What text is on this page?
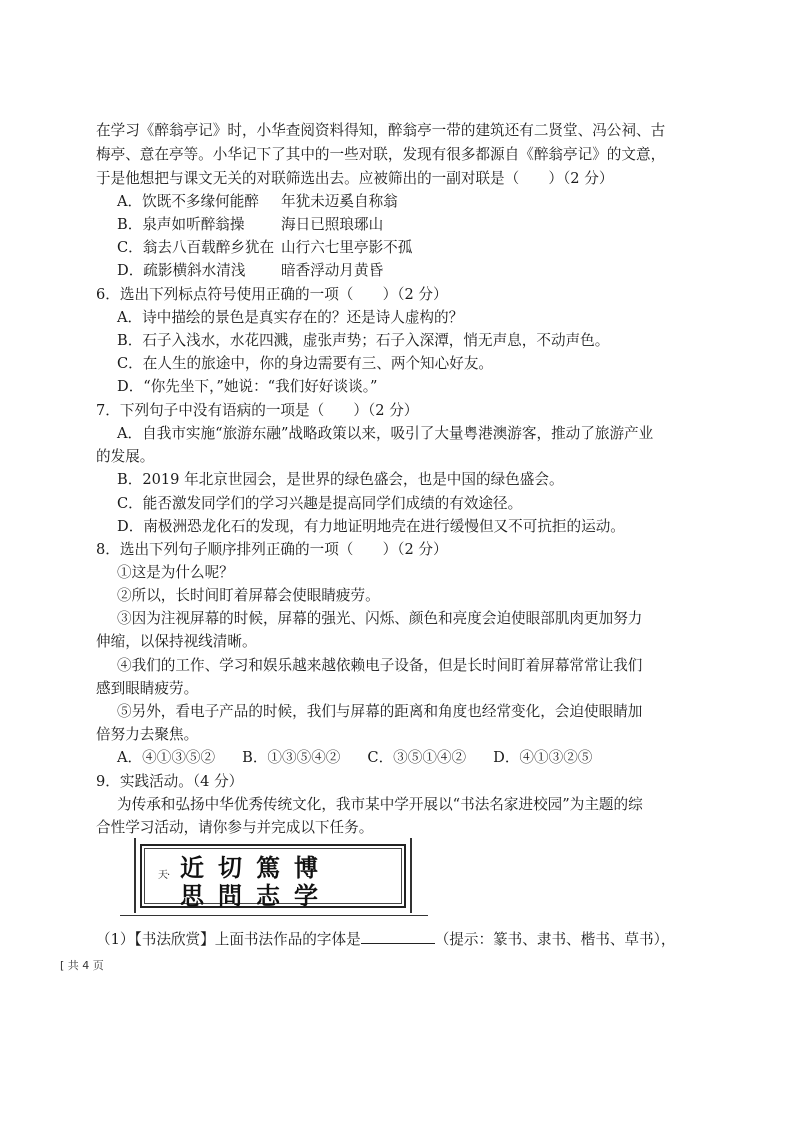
在学习《醉翁亭记》时，小华查阅资料得知，醉翁亭一带的建筑还有二贤堂、冯公祠、古
梅亭、意在亭等。小华记下了其中的一些对联，发现有很多都源自《醉翁亭记》的文意，
于是他想把与课文无关的对联筛选出去。应被筛出的一副对联是（　　）（2 分）
A．饮既不多缘何能醉 年犹未迈奚自称翁
B．泉声如听醉翁操	海日已照琅琊山
C．翁去八百载醉乡犹在 山行六七里亭影不孤
D．疏影横斜水清浅 暗香浮动月黄昏
6．选出下列标点符号使用正确的一项（　　）（2 分）
A．诗中描绘的景色是真实存在的？还是诗人虚构的？
B．石子入浅水，水花四溅，虚张声势；石子入深潭，悄无声息，不动声色。
C．在人生的旅途中，你的身边需要有三、两个知心好友。
D．“你先坐下，”她说：“我们好好谈谈。”
7．下列句子中没有语病的一项是（　　）（2 分）
A．自我市实施“旅游东融”战略政策以来，吸引了大量粤港澳游客，推动了旅游产业
的发展。
B．2019 年北京世园会，是世界的绿色盛会，也是中国的绿色盛会。
C．能否激发同学们的学习兴趣是提高同学们成绩的有效途径。
D．南极洲恐龙化石的发现，有力地证明地壳在进行缓慢但又不可抗拒的运动。
8．选出下列句子顺序排列正确的一项（　　）（2 分）
①这是为什么呢？
②所以，长时间盯着屏幕会使眼睛疲劳。
③因为注视屏幕的时候，屏幕的强光、闪烁、颜色和亮度会迫使眼部肌肉更加努力
伸缩，以保持视线清晰。
④我们的工作、学习和娱乐越来越依赖电子设备，但是长时间盯着屏幕常常让我们
感到眼睛疲劳。
⑤另外，看电子产品的时候，我们与屏幕的距离和角度也经常变化，会迫使眼睛加
倍努力去聚焦。
A．④①③⑤② B．①③⑤④② C．③⑤①④② D．④①③②⑤
9．实践活动。（4 分）
为传承和弘扬中华优秀传统文化，我市某中学开展以“书法名家进校园”为主题的综
合性学习活动，请你参与并完成以下任务。
天· 近切篤博
思問志学
（1）【书法欣赏】上面书法作品的字体是	（提示：篆书、隶书、楷书、草书），
[ 共 4 页
